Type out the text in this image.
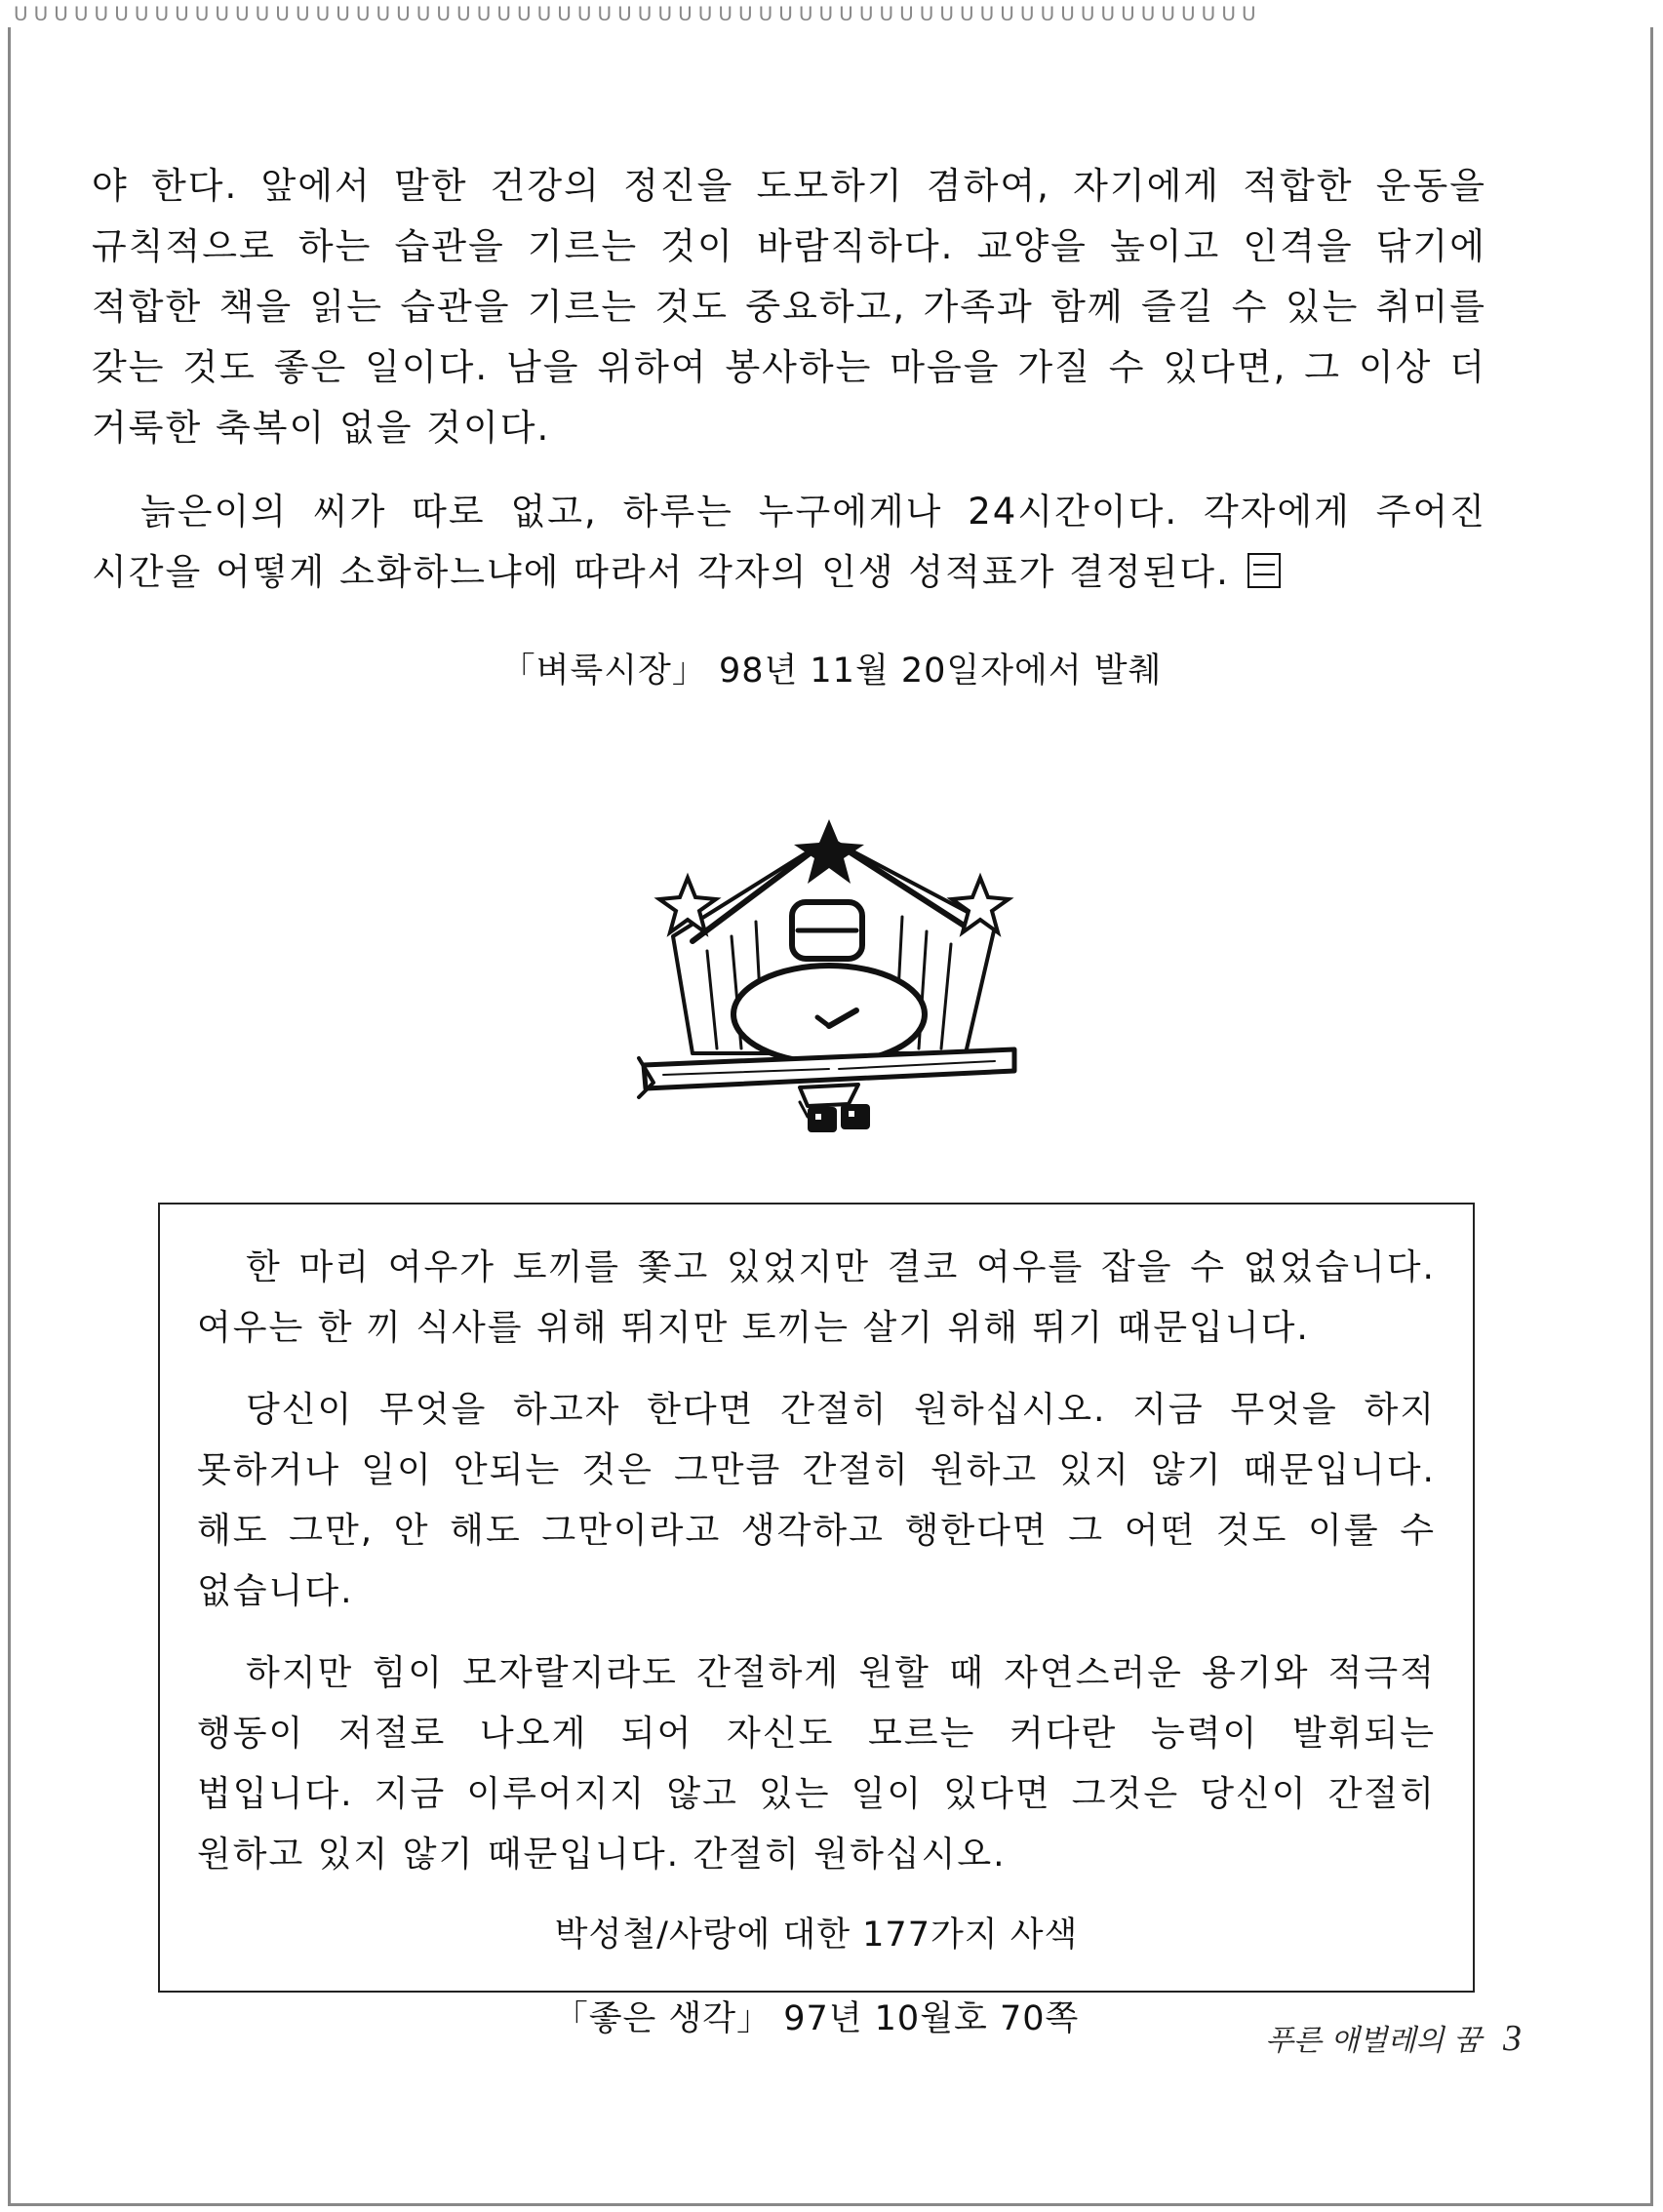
ꓴꓴꓴꓴꓴꓴꓴꓴꓴꓴꓴꓴꓴꓴꓴꓴꓴꓴꓴꓴꓴꓴꓴꓴꓴꓴꓴꓴꓴꓴꓴꓴꓴꓴꓴꓴꓴꓴꓴꓴꓴꓴꓴꓴꓴꓴꓴꓴꓴꓴꓴꓴꓴꓴꓴꓴꓴꓴꓴꓴꓴꓴ

야 한다. 앞에서 말한 건강의 정진을 도모하기 겸하여, 자기에게 적합한 운동을 규칙적으로 하는 습관을 기르는 것이 바람직하다. 교양을 높이고 인격을 닦기에 적합한 책을 읽는 습관을 기르는 것도 중요하고, 가족과 함께 즐길 수 있는 취미를 갖는 것도 좋은 일이다. 남을 위하여 봉사하는 마음을 가질 수 있다면, 그 이상 더 거룩한 축복이 없을 것이다.

늙은이의 씨가 따로 없고, 하루는 누구에게나 24시간이다. 각자에게 주어진 시간을 어떻게 소화하느냐에 따라서 각자의 인생 성적표가 결정된다.

「벼룩시장」 98년 11월 20일자에서 발췌

한 마리 여우가 토끼를 쫓고 있었지만 결코 여우를 잡을 수 없었습니다. 여우는 한 끼 식사를 위해 뛰지만 토끼는 살기 위해 뛰기 때문입니다.

당신이 무엇을 하고자 한다면 간절히 원하십시오. 지금 무엇을 하지 못하거나 일이 안되는 것은 그만큼 간절히 원하고 있지 않기 때문입니다. 해도 그만, 안 해도 그만이라고 생각하고 행한다면 그 어떤 것도 이룰 수 없습니다.

하지만 힘이 모자랄지라도 간절하게 원할 때 자연스러운 용기와 적극적 행동이 저절로 나오게 되어 자신도 모르는 커다란 능력이 발휘되는 법입니다. 지금 이루어지지 않고 있는 일이 있다면 그것은 당신이 간절히 원하고 있지 않기 때문입니다. 간절히 원하십시오.

박성철/사랑에 대한 177가지 사색

「좋은 생각」 97년 10월호 70쪽

푸른 애벌레의 꿈 3
